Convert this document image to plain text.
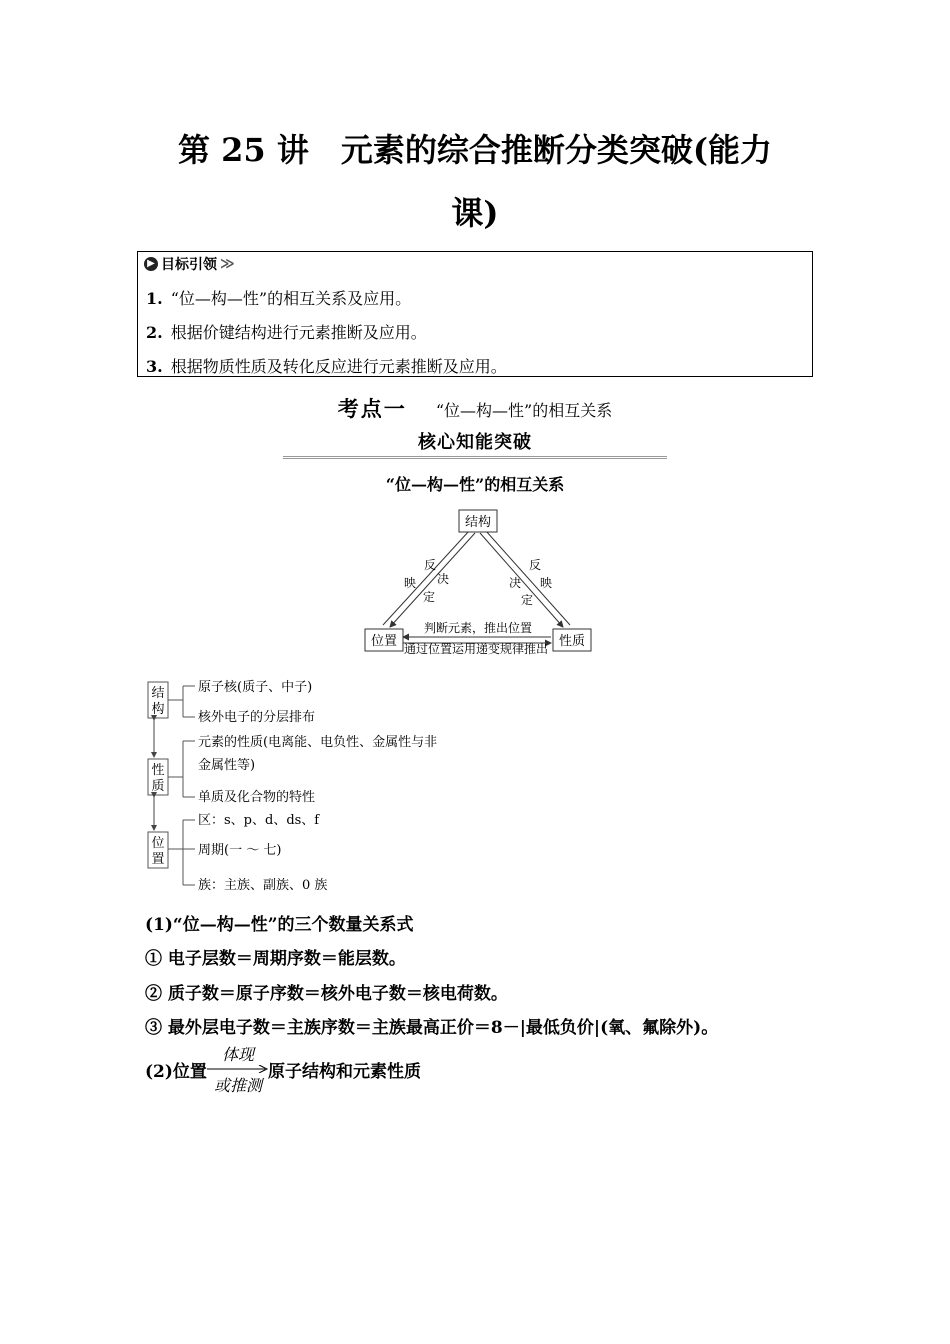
第 25 讲　元素的综合推断分类突破(能力
课)
▶ 目标引领 ≫
1. “位—构—性”的相互关系及应用。
2. 根据价键结构进行元素推断及应用。
3. 根据物质性质及转化反应进行元素推断及应用。
考点一 “位—构—性”的相互关系
核心知能突破
“位—构—性”的相互关系
结构
位置	性质
反
映 决
定
反
映
决
定
判断元素，推出位置
通过位置运用递变规律推出
结
构
性
质
位
置
原子核(质子、中子)
核外电子的分层排布
元素的性质(电离能、电负性、金属性与非
金属性等)
单质及化合物的特性
区：s、p、d、ds、f
周期(一 ～ 七)
族：主族、副族、0 族
(1)“位—构—性”的三个数量关系式
① 电子层数＝周期序数＝能层数。
② 质子数＝原子序数＝核外电子数＝核电荷数。
③ 最外层电子数＝主族序数＝主族最高正价＝8－|最低负价|(氧、氟除外)。
(2)位置
体现
或推测
原子结构和元素性质
